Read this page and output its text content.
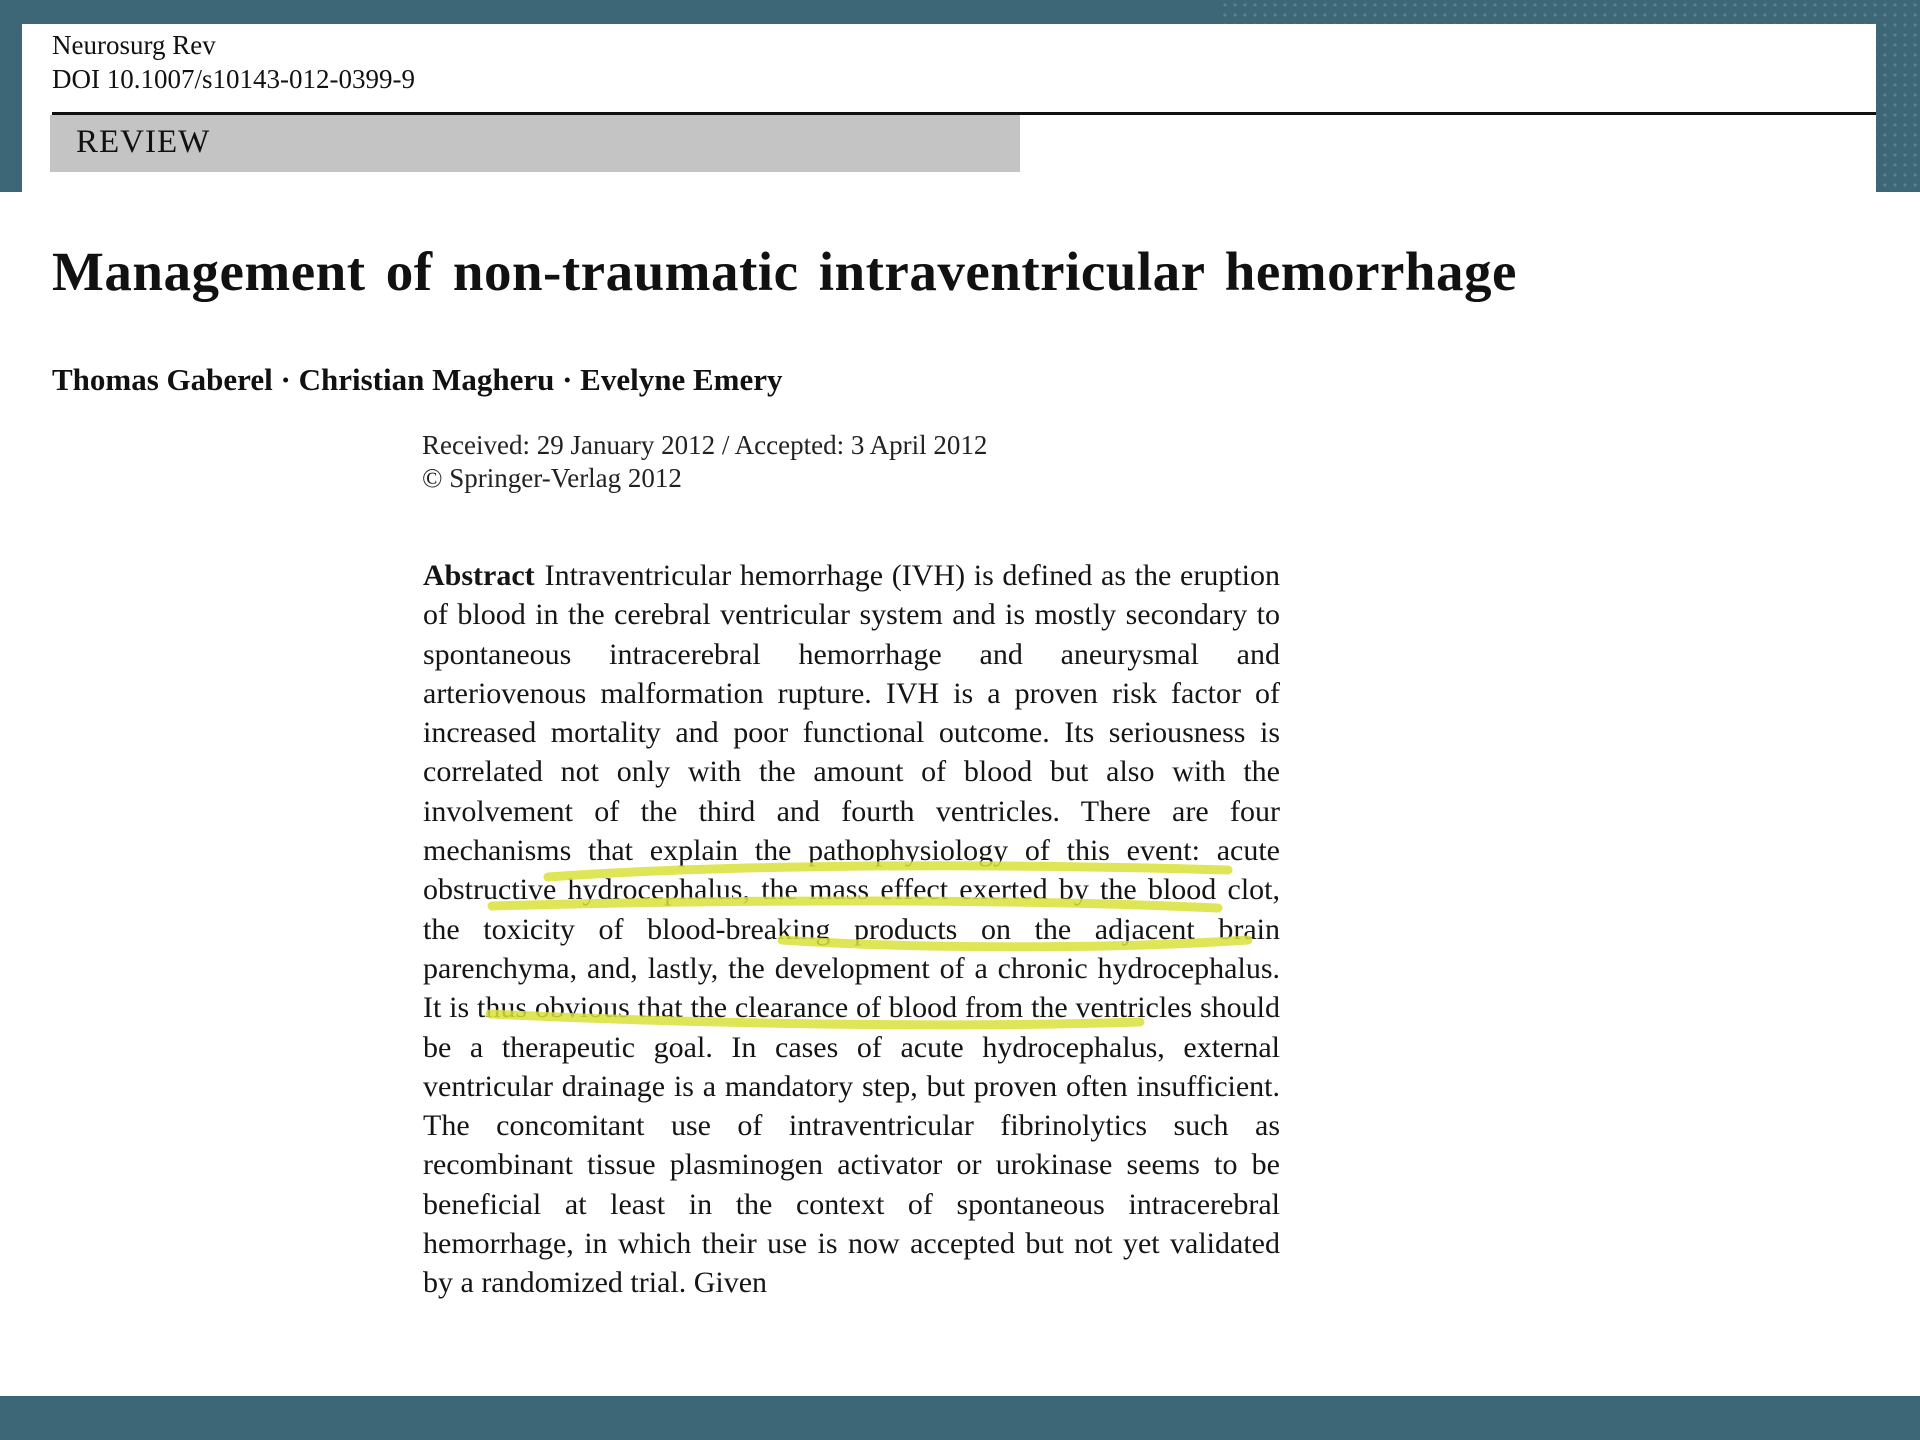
Neurosurg Rev
DOI 10.1007/s10143-012-0399-9
REVIEW
Management of non-traumatic intraventricular hemorrhage
Thomas Gaberel · Christian Magheru · Evelyne Emery
Received: 29 January 2012 / Accepted: 3 April 2012
© Springer-Verlag 2012
Abstract Intraventricular hemorrhage (IVH) is defined as the eruption of blood in the cerebral ventricular system and is mostly secondary to spontaneous intracerebral hemorrhage and aneurysmal and arteriovenous malformation rupture. IVH is a proven risk factor of increased mortality and poor functional outcome. Its seriousness is correlated not only with the amount of blood but also with the involvement of the third and fourth ventricles. There are four mechanisms that explain the pathophysiology of this event: acute obstructive hydrocephalus, the mass effect exerted by the blood clot, the toxicity of blood-breaking products on the adjacent brain parenchyma, and, lastly, the development of a chronic hydrocephalus. It is thus obvious that the clearance of blood from the ventricles should be a therapeutic goal. In cases of acute hydrocephalus, external ventricular drainage is a mandatory step, but proven often insufficient. The concomitant use of intraventricular fibrinolytics such as recombinant tissue plasminogen activator or urokinase seems to be beneficial at least in the context of spontaneous intracerebral hemorrhage, in which their use is now accepted but not yet validated by a randomized trial. Given
